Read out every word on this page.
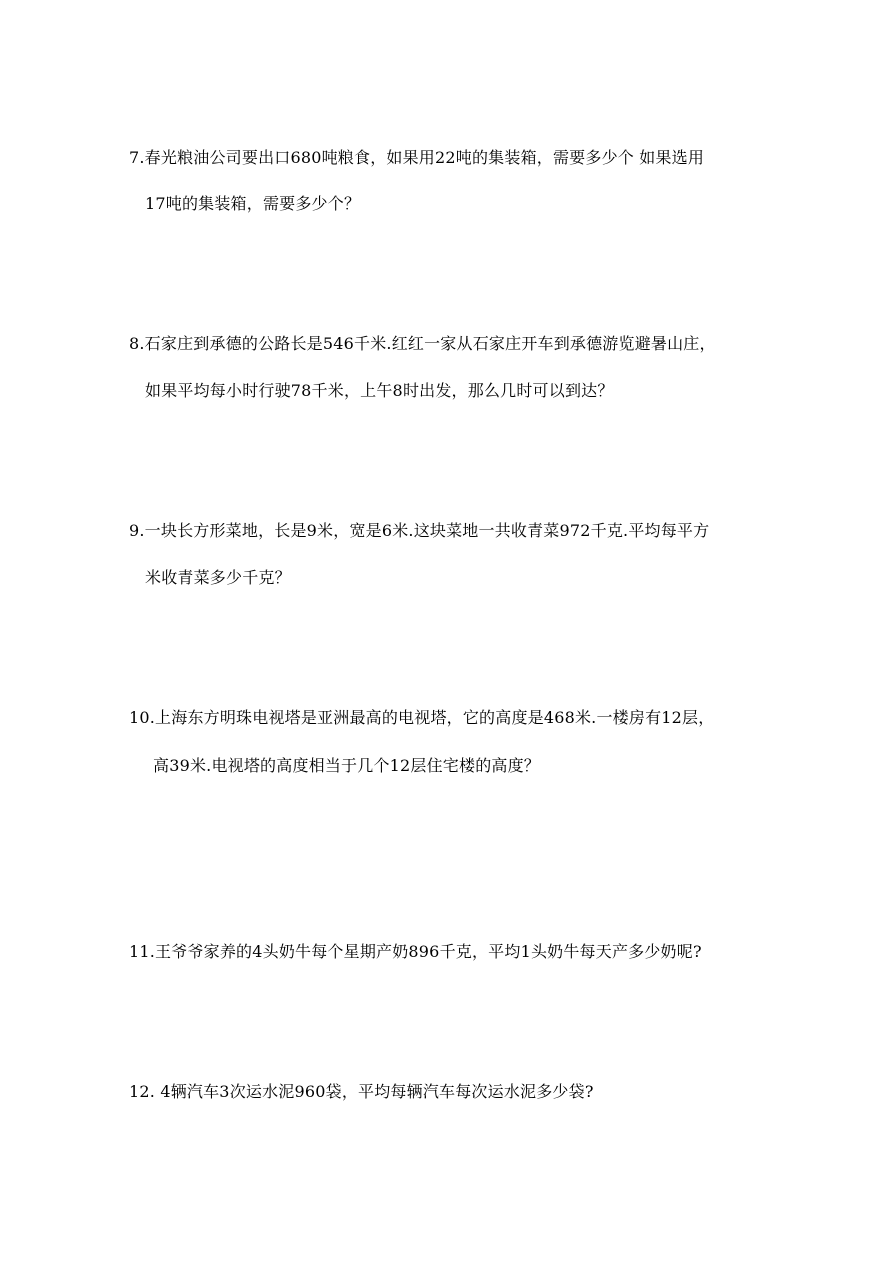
7.春光粮油公司要出口680吨粮食，如果用22吨的集装箱，需要多少个 如果选用
17吨的集装箱，需要多少个？
8.石家庄到承德的公路长是546千米.红红一家从石家庄开车到承德游览避暑山庄，
如果平均每小时行驶78千米，上午8时出发，那么几时可以到达？
9.一块长方形菜地，长是9米，宽是6米.这块菜地一共收青菜972千克.平均每平方
米收青菜多少千克？
10.上海东方明珠电视塔是亚洲最高的电视塔，它的高度是468米.一楼房有12层，
高39米.电视塔的高度相当于几个12层住宅楼的高度？
11.王爷爷家养的4头奶牛每个星期产奶896千克，平均1头奶牛每天产多少奶呢?
12. 4辆汽车3次运水泥960袋，平均每辆汽车每次运水泥多少袋?
